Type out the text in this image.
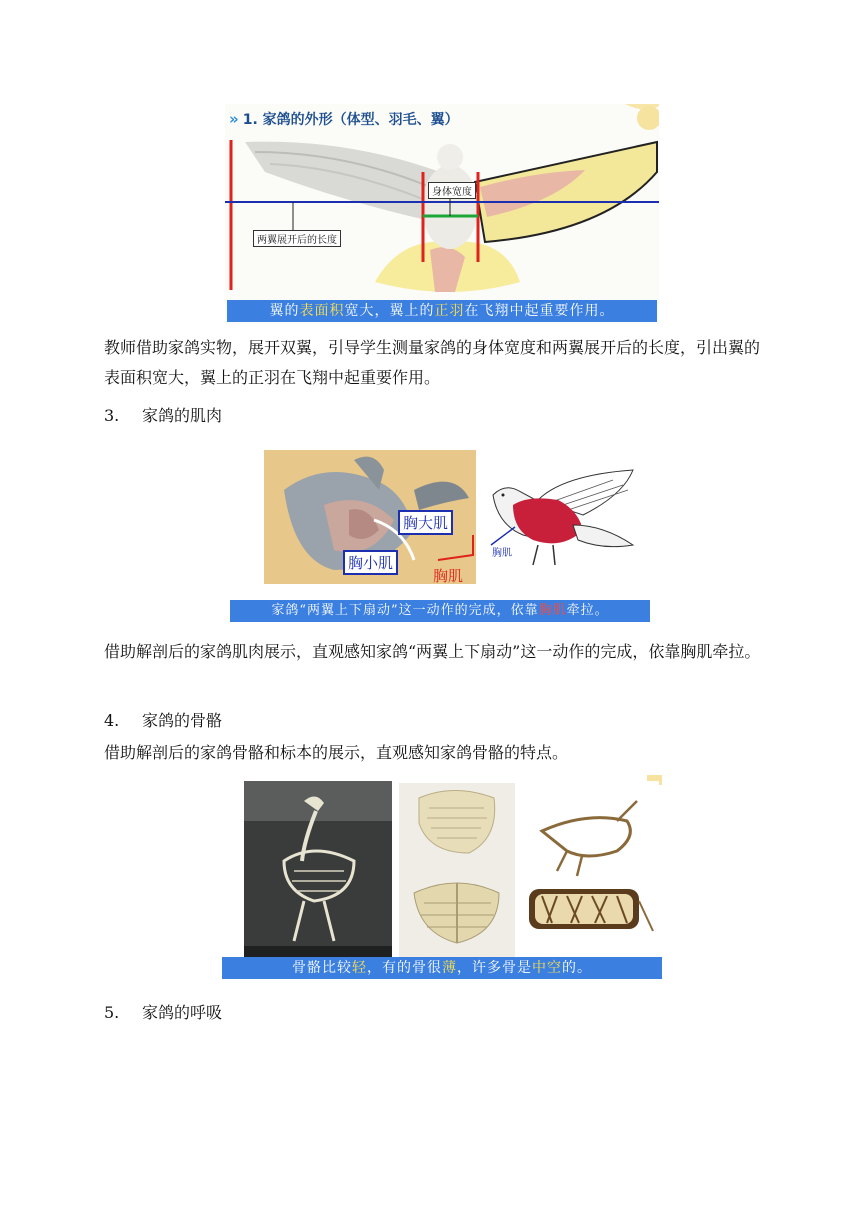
» 1. 家鸽的外形（体型、羽毛、翼）
身体宽度
两翼展开后的长度
翼的表面积宽大，翼上的正羽在飞翔中起重要作用。
教师借助家鸽实物，展开双翼，引导学生测量家鸽的身体宽度和两翼展开后的长度，引出翼的表面积宽大，翼上的正羽在飞翔中起重要作用。
3. 家鸽的肌肉
胸大肌
胸小肌
胸肌
胸肌
家鸽“两翼上下扇动”这一动作的完成，依靠胸肌牵拉。
借助解剖后的家鸽肌肉展示，直观感知家鸽“两翼上下扇动”这一动作的完成，依靠胸肌牵拉。
4. 家鸽的骨骼
借助解剖后的家鸽骨骼和标本的展示，直观感知家鸽骨骼的特点。
骨骼比较轻，有的骨很薄，许多骨是中空的。
5. 家鸽的呼吸
